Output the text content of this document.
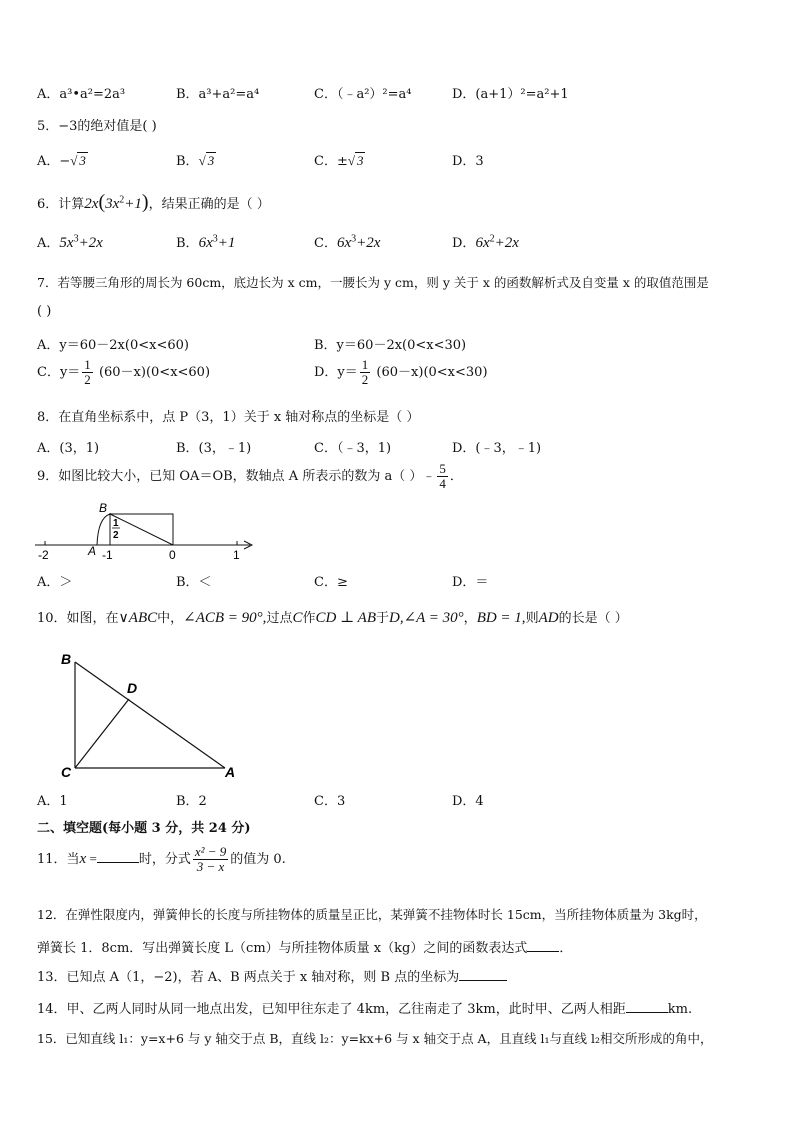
A．a³•a²=2a³	B．a³+a²=a⁴	C．（﹣a²）²=a⁴	D．(a+1）²=a²+1
5．−3的绝对值是( )
A．−√ 3	B．√ 3	C．±√ 3	D．3
6．计算$2x(3x^2+1)$，结果正确的是（ ）
A．$5x^3+2x$	B．$6x^3+1$	C．$6x^3+2x$	D．$6x^2+2x$
7．若等腰三角形的周长为 60cm，底边长为 x cm，一腰长为 y cm，则 y 关于 x 的函数解析式及自变量 x 的取值范围是
( )
A．y＝60－2x(0<x<60)	B．y＝60－2x(0<x<30)
C．$y= \frac{1}{2} (60-x)(0<x<60)$	D．$y= \frac{1}{2} (60-x)(0<x<30)$
8．在直角坐标系中，点 P（3，1）关于 x 轴对称点的坐标是（ ）
A．(3，1)	B．(3，﹣1)	C．（﹣3，1)	D．(﹣3，﹣1)
9．如图比较大小，已知 OA＝OB，数轴点 A 所表示的数为 a（ ）﹣ $\frac{5}{4}$ ．
B
A
1
2
-2	-1	0	1
A．＞	B．＜	C．≥	D．＝
10．如图，在∨ABC中，∠ACB = 90°,过点C作CD ⊥ AB于D,∠A = 30°，BD = 1,则AD的长是（ ）
B
D
C	A
A．1	B．2	C．3	D．4
二、填空题(每小题 3 分，共 24 分)
11．当x =	时，分式 $\frac{\text{x² − 9}}{3 - x}$ 的值为 0.
12．在弹性限度内，弹簧伸长的长度与所挂物体的质量呈正比，某弹簧不挂物体时长 15cm，当所挂物体质量为 3kg时，
弹簧长 1．8cm．写出弹簧长度 L（cm）与所挂物体质量 x（kg）之间的函数表达式 ．
13．已知点 A（1，−2)，若 A、B 两点关于 x 轴对称，则 B 点的坐标为
14．甲、乙两人同时从同一地点出发，已知甲往东走了 4km，乙往南走了 3km，此时甲、乙两人相距	km.
15．已知直线 l₁：y=x+6 与 y 轴交于点 B，直线 l₂：y=kx+6 与 x 轴交于点 A，且直线 l₁与直线 l₂相交所形成的角中，
